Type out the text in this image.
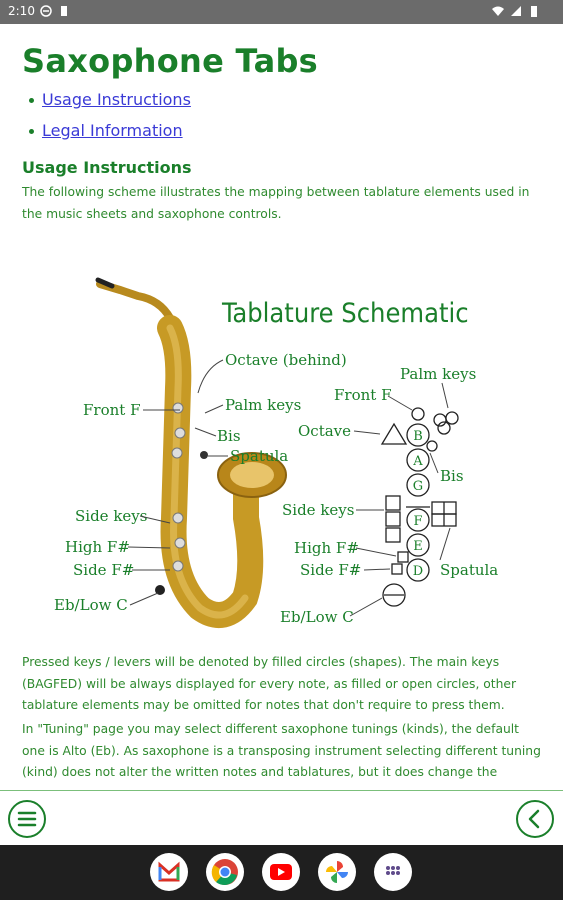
2:10
Saxophone Tabs
Usage Instructions
Legal Information
Usage Instructions

The following scheme illustrates the mapping between tablature elements used in the music sheets and saxophone controls.

Tablature Schematic
Octave (behind)
Palm keys
Front F
Bis
Spatula
Side keys
High F#
Side F#
Eb/Low C
Palm keys
Front F
Octave
Bis
Side keys
High F#
Side F#	Spatula
Eb/Low C
B
A
G
F
E
D

Pressed keys / levers will be denoted by filled circles (shapes). The main keys (BAGFED) will be always displayed for every note, as filled or open circles, other tablature elements may be omitted for notes that don't require to press them.

In "Tuning" page you may select different saxophone tunings (kinds), the default one is Alto (Eb). As saxophone is a transposing instrument selecting different tuning (kind) does not alter the written notes and tablatures, but it does change the
